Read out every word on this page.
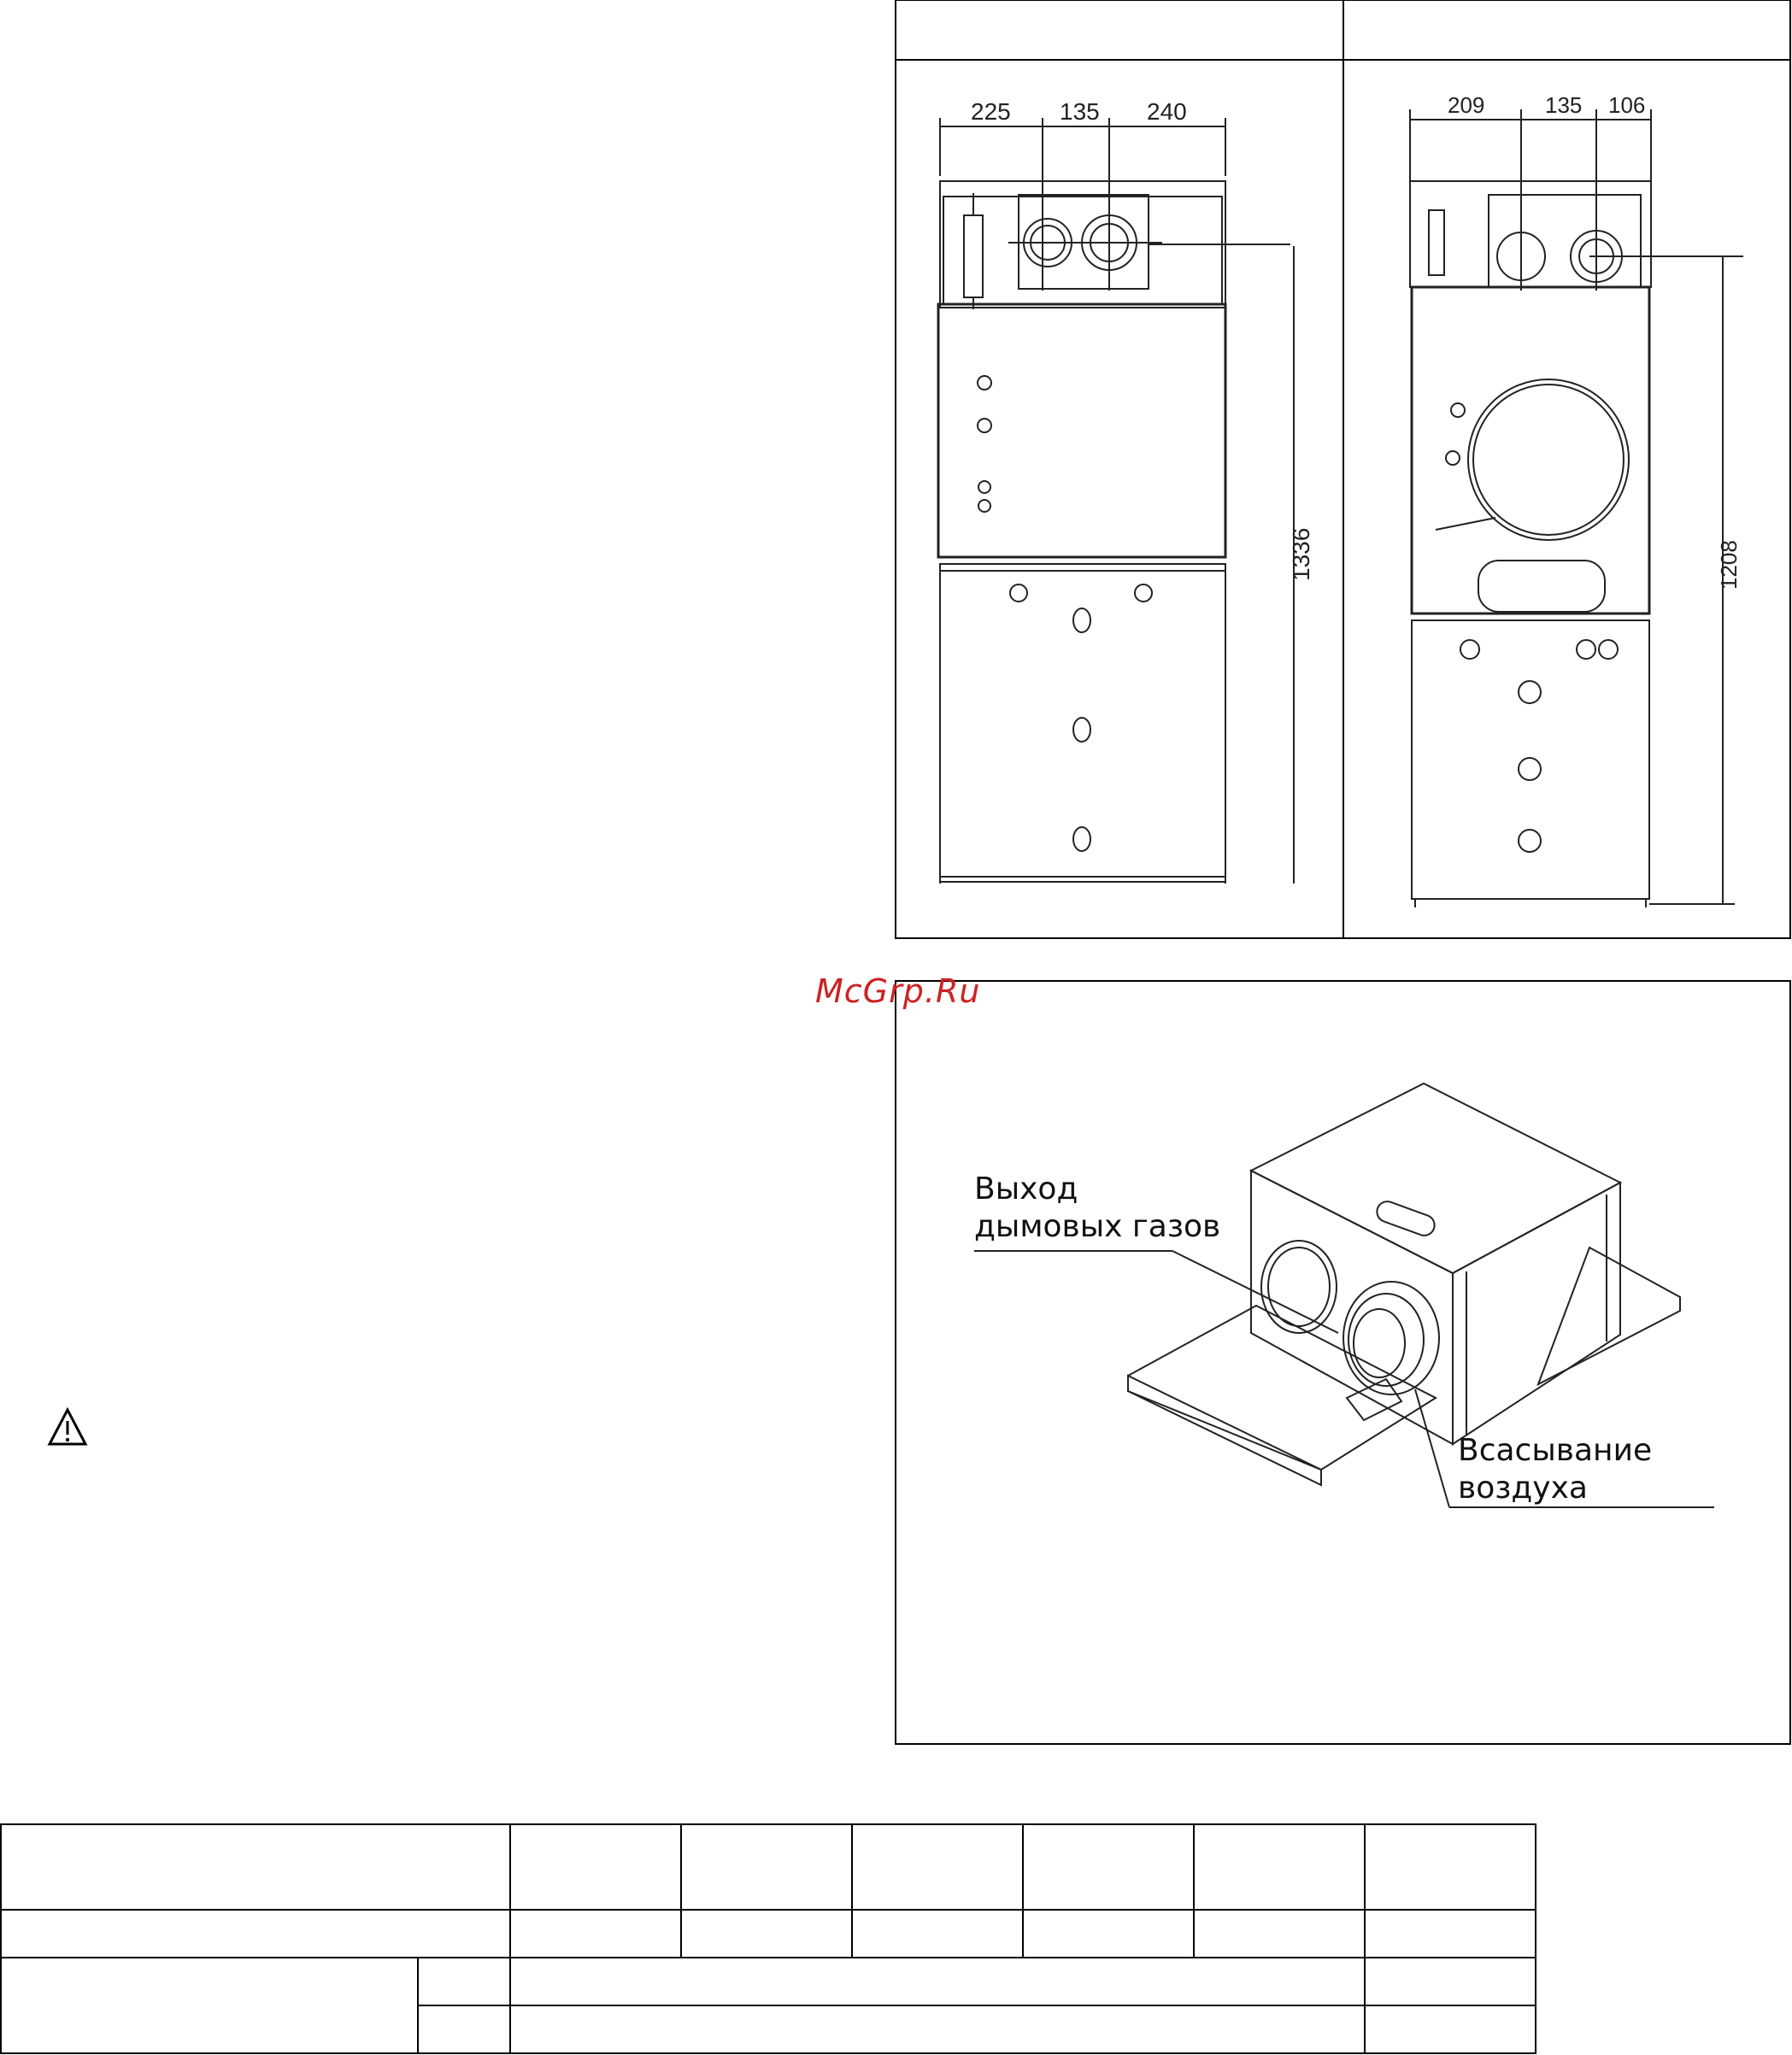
225 135 240
1336
209	135 106
1208
McGrp.Ru
Выход
дымовых газов
Всасывание
воздуха
